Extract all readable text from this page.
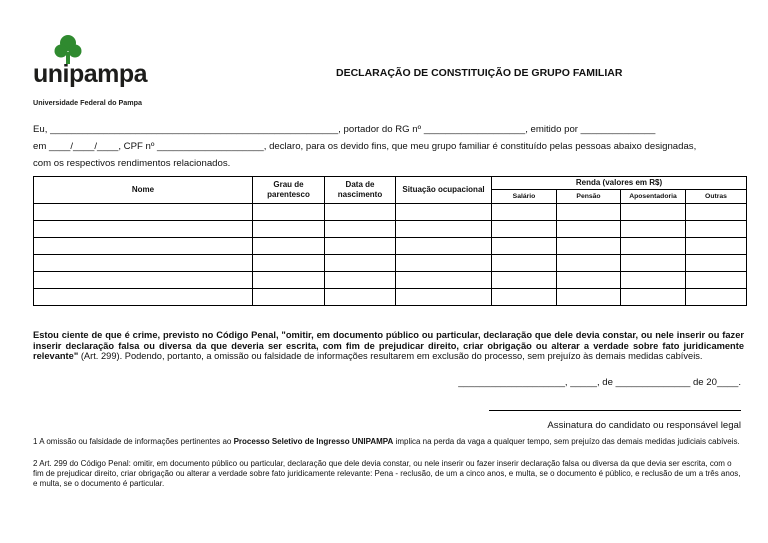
unipampa
Universidade Federal do Pampa
DECLARAÇÃO DE CONSTITUIÇÃO DE GRUPO FAMILIAR
Eu, ______________________________________________________, portador do RG nº ___________________, emitido por ______________
em ____/____/____, CPF nº ____________________, declaro, para os devido fins, que meu grupo familiar é constituído pelas pessoas abaixo designadas,
com os respectivos rendimentos relacionados.
Nome	Grau de parentesco	Data de nascimento	Situação ocupacional	Renda (valores em R$)			
				Salário	Pensão	Aposentadoria	Outras

Estou ciente de que é crime, previsto no Código Penal, "omitir, em documento público ou particular, declaração que dele devia constar, ou nele inserir ou fazer inserir declaração falsa ou diversa da que deveria ser escrita, com fim de prejudicar direito, criar obrigação ou alterar a verdade sobre fato juridicamente relevante" (Art. 299). Podendo, portanto, a omissão ou falsidade de informações resultarem em exclusão do processo, sem prejuízo às demais medidas cabíveis.
____________________, _____, de ______________ de 20____.
Assinatura do candidato ou responsável legal
1 A omissão ou falsidade de informações pertinentes ao Processo Seletivo de Ingresso UNIPAMPA implica na perda da vaga a qualquer tempo, sem prejuízo das demais medidas judiciais cabíveis.
2 Art. 299 do Código Penal: omitir, em documento público ou particular, declaração que dele devia constar, ou nele inserir ou fazer inserir declaração falsa ou diversa da que devia ser escrita, com o fim de prejudicar direito, criar obrigação ou alterar a verdade sobre fato juridicamente relevante: Pena - reclusão, de um a cinco anos, e multa, se o documento é público, e reclusão de um a três anos, e multa, se o documento é particular.
